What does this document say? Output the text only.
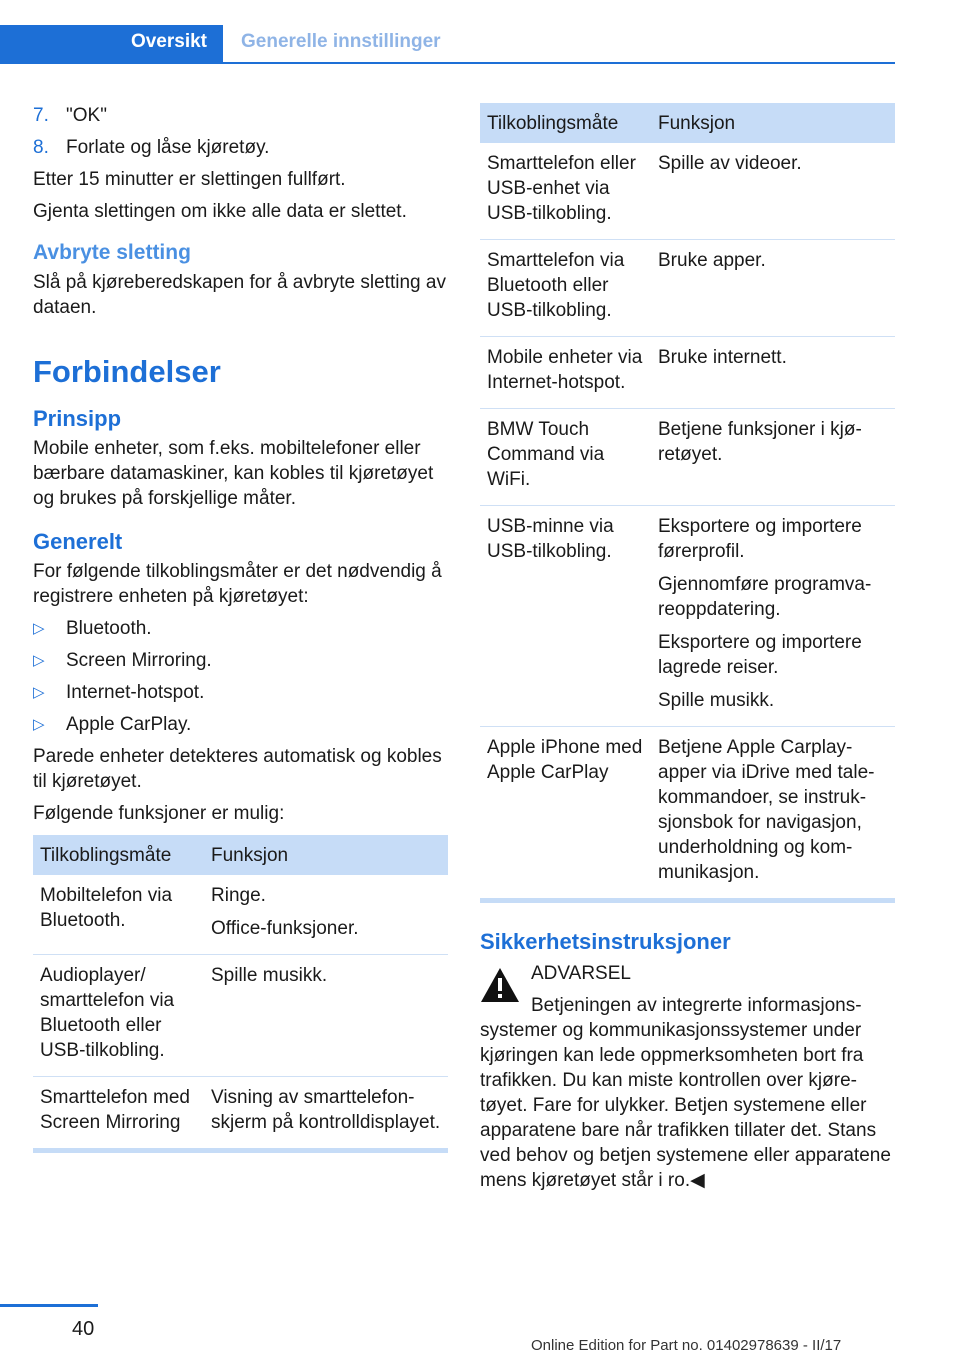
Oversikt	Generelle innstillinger
7. "OK"
8. Forlate og låse kjøretøy.

Etter 15 minutter er slettingen fullført.

Gjenta slettingen om ikke alle data er slettet.

Avbryte sletting

Slå på kjøreberedskapen for å avbryte sletting av dataen.

Forbindelser
Prinsipp

Mobile enheter, som f.eks. mobiltelefoner eller bærbare datamaskiner, kan kobles til kjøretøyet og brukes på forskjellige måter.

Generelt

For følgende tilkoblingsmåter er det nødvendig å registrere enheten på kjøretøyet:

▷ Bluetooth.
▷ Screen Mirroring.
▷ Internet-hotspot.
▷ Apple CarPlay.

Parede enheter detekteres automatisk og kobles til kjøretøyet.

Følgende funksjoner er mulig:

Tilkoblingsmåte	Funksjon
Mobiltelefon via Bluetooth.	Ringe.
Office-funksjoner.

Audioplayer/ smarttelefon via Bluetooth eller USB-tilkobling.	Spille musikk.

Smarttelefon med Screen Mirroring	Visning av smarttelefonskjerm på kontrolldisplayet.
Tilkoblingsmåte	Funksjon
Smarttelefon eller USB-enhet via USB-tilkobling.	Spille av videoer.

Smarttelefon via Bluetooth eller USB-tilkobling.	Bruke apper.

Mobile enheter via Internet-hotspot.	Bruke internett.

BMW Touch Command via WiFi.	Betjene funksjoner i kjøretøyet.

USB-minne via USB-tilkobling.	Eksportere og importere førerprofil.
Gjennomføre programvareoppdatering.
Eksportere og importere lagrede reiser.
Spille musikk.

Apple iPhone med Apple CarPlay	Betjene Apple Carplay-apper via iDrive med talekommandoer, se instruksjonsbok for navigasjon, underholdning og kommunikasjon.
Sikkerhetsinstruksjoner
ADVARSEL
Betjeningen av integrerte informasjonssystemer og kommunikasjonssystemer under kjøringen kan lede oppmerksomheten bort fra trafikken. Du kan miste kontrollen over kjøretøyet. Fare for ulykker. Betjen systemene eller apparatene bare når trafikken tillater det. Stans ved behov og betjen systemene eller apparatene mens kjøretøyet står i ro.◀
40
Online Edition for Part no. 01402978639 - II/17
